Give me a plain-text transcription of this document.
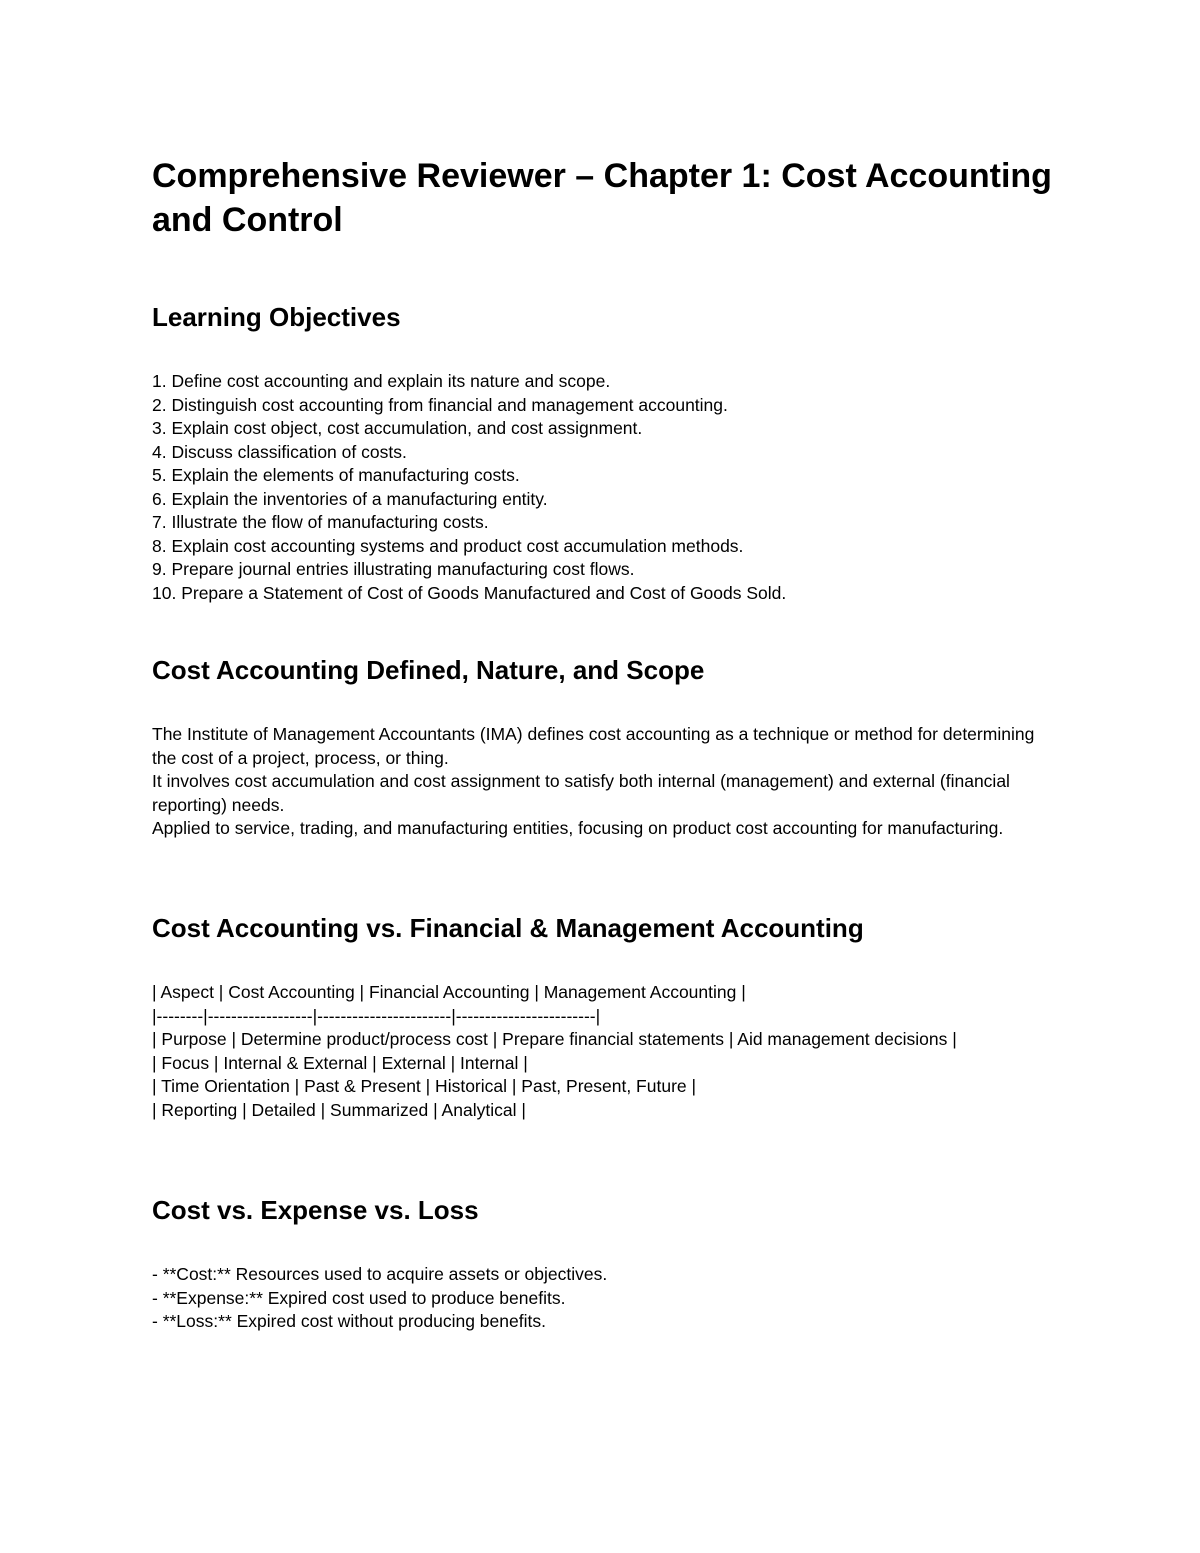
Comprehensive Reviewer – Chapter 1: Cost Accounting and Control
Learning Objectives
1. Define cost accounting and explain its nature and scope.
2. Distinguish cost accounting from financial and management accounting.
3. Explain cost object, cost accumulation, and cost assignment.
4. Discuss classification of costs.
5. Explain the elements of manufacturing costs.
6. Explain the inventories of a manufacturing entity.
7. Illustrate the flow of manufacturing costs.
8. Explain cost accounting systems and product cost accumulation methods.
9. Prepare journal entries illustrating manufacturing cost flows.
10. Prepare a Statement of Cost of Goods Manufactured and Cost of Goods Sold.
Cost Accounting Defined, Nature, and Scope
The Institute of Management Accountants (IMA) defines cost accounting as a technique or method for determining the cost of a project, process, or thing.
It involves cost accumulation and cost assignment to satisfy both internal (management) and external (financial reporting) needs.
Applied to service, trading, and manufacturing entities, focusing on product cost accounting for manufacturing.
Cost Accounting vs. Financial & Management Accounting
| Aspect | Cost Accounting | Financial Accounting | Management Accounting |
|--------|------------------|-----------------------|------------------------|
| Purpose | Determine product/process cost | Prepare financial statements | Aid management decisions |
| Focus | Internal & External | External | Internal |
| Time Orientation | Past & Present | Historical | Past, Present, Future |
| Reporting | Detailed | Summarized | Analytical |
Cost vs. Expense vs. Loss
- **Cost:** Resources used to acquire assets or objectives.
- **Expense:** Expired cost used to produce benefits.
- **Loss:** Expired cost without producing benefits.
